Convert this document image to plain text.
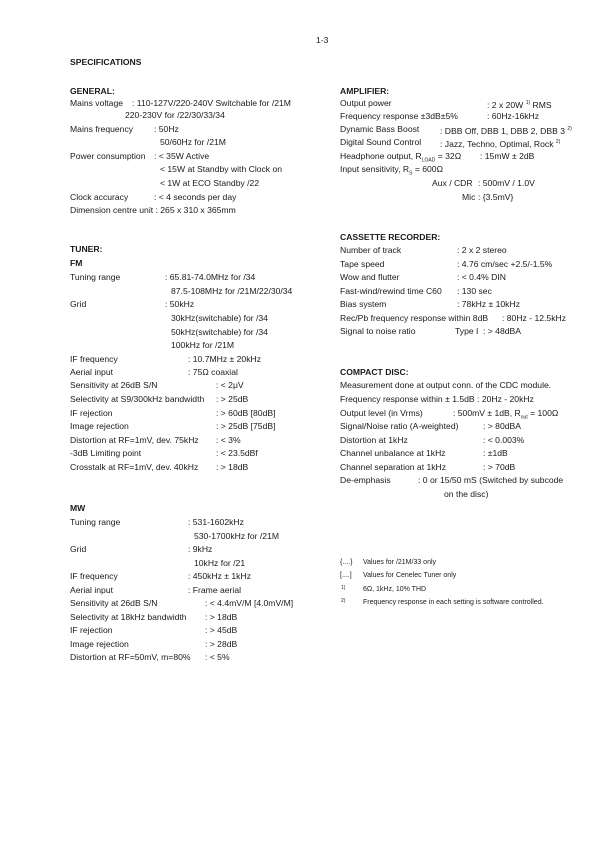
1-3
SPECIFICATIONS
GENERAL:
Mains voltage : 110-127V/220-240V Switchable for /21M
220-230V for /22/30/33/34
Mains frequency : 50Hz
50/60Hz for /21M
Power consumption : < 35W Active
< 15W at Standby with Clock on
< 1W at ECO Standby /22
Clock accuracy	: < 4 seconds per day
Dimension centre unit : 265 x 310 x 365mm
TUNER:
FM
Tuning range	: 65.81-74.0MHz for /34
87.5-108MHz for /21M/22/30/34
Grid	: 50kHz
30kHz(switchable) for /34
50kHz(switchable) for /34
100kHz for /21M
IF frequency	: 10.7MHz ± 20kHz
Aerial input	: 75Ω coaxial
Sensitivity at 26dB S/N	: < 2μV
Selectivity at S9/300kHz bandwidth : > 25dB
IF rejection	: > 60dB [80dB]
Image rejection	: > 25dB [75dB]
Distortion at RF=1mV, dev. 75kHz : < 3%
-3dB Limiting point	: < 23.5dBf
Crosstalk at RF=1mV, dev. 40kHz : > 18dB
MW
Tuning range	: 531-1602kHz
530-1700kHz for /21M
Grid	: 9kHz
10kHz for /21
IF frequency	: 450kHz ± 1kHz
Aerial input	: Frame aerial
Sensitivity at 26dB S/N	: < 4.4mV/M [4.0mV/M]
Selectivity at 18kHz bandwidth : > 18dB
IF rejection	: > 45dB
Image rejection	: > 28dB
Distortion at RF=50mV, m=80% : < 5%
AMPLIFIER:
Output power	: 2 x 20W $^{1)}$ RMS
Frequency response ±3dB±5%	: 60Hz-16kHz
Dynamic Bass Boost : DBB Off, DBB 1, DBB 2, DBB 3 $^{2)}$
Digital Sound Control : Jazz, Techno, Optimal, Rock $^{2)}$
Headphone output, $R_{LOAD} = 32\Omega$ : 15mW ± 2dB
Input sensitivity, $R_S = 600\Omega$
Aux / CDR : 500mV / 1.0V
Mic : {3.5mV}
CASSETTE RECORDER:
Number of track	: 2 x 2 stereo
Tape speed	: 4.76 cm/sec +2.5/-1.5%
Wow and flutter	: < 0.4% DIN
Fast-wind/rewind time C60 : 130 sec
Bias system	: 78kHz ± 10kHz
Rec/Pb frequency response within 8dB : 80Hz - 12.5kHz
Signal to noise ratio	Type I : > 48dBA
COMPACT DISC:
Measurement done at output conn. of the CDC module.
Frequency response within ± 1.5dB : 20Hz - 20kHz
Output level (in Vrms)	: 500mV ± 1dB, $R_{out} = 100\Omega$
Signal/Noise ratio (A-weighted)	: > 80dBA
Distortion at 1kHz	: < 0.003%
Channel unbalance at 1kHz	: ±1dB
Channel separation at 1kHz	: > 70dB
De-emphasis	: 0 or 15/50 mS (Switched by subcode
on the disc)
{....} Values for /21M/33 only
[....] Values for Cenelec Tuner only
1)	6Ω, 1kHz, 10% THD
2)	Frequency response in each setting is software controlled.
